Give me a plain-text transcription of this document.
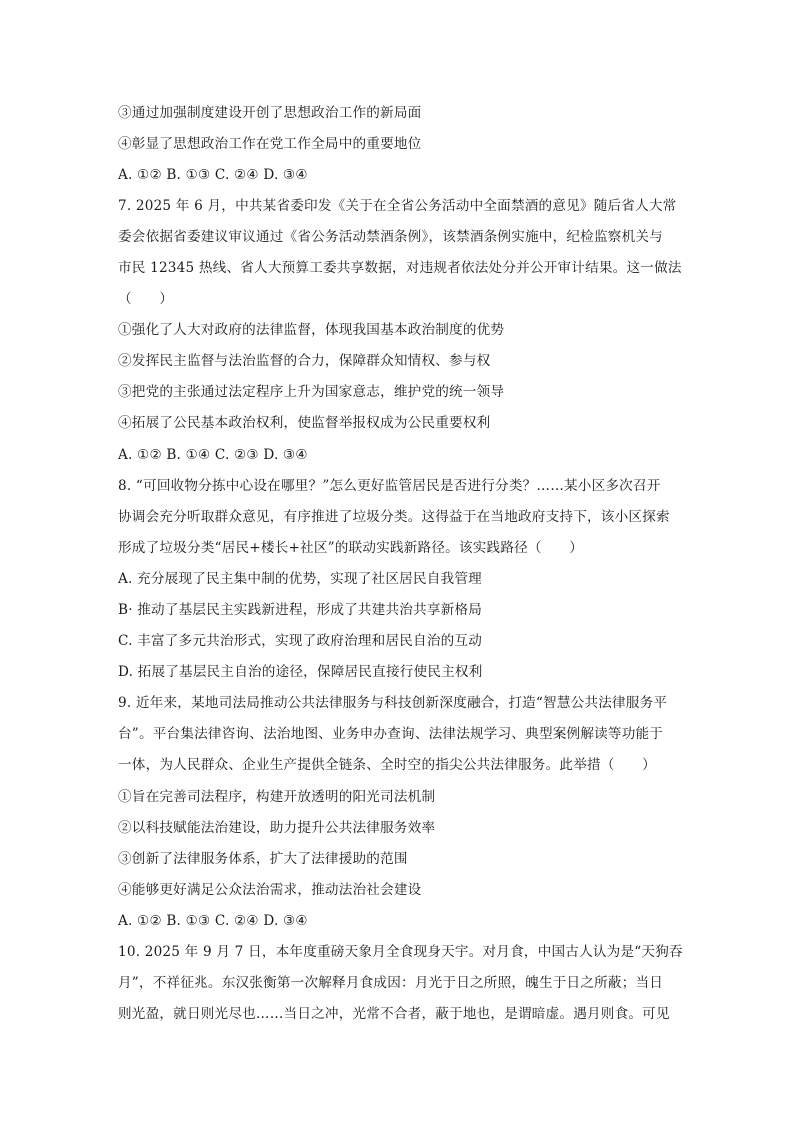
③通过加强制度建设开创了思想政治工作的新局面
④彰显了思想政治工作在党工作全局中的重要地位
A. ①② B. ①③ C. ②④ D. ③④
7. 2025 年 6 月，中共某省委印发《关于在全省公务活动中全面禁酒的意见》随后省人大常
委会依据省委建议审议通过《省公务活动禁酒条例》，该禁酒条例实施中，纪检监察机关与
市民 12345 热线、省人大预算工委共享数据，对违规者依法处分并公开审计结果。这一做法
（　　）
①强化了人大对政府的法律监督，体现我国基本政治制度的优势
②发挥民主监督与法治监督的合力，保障群众知情权、参与权
③把党的主张通过法定程序上升为国家意志，维护党的统一领导
④拓展了公民基本政治权利，使监督举报权成为公民重要权利
A. ①② B. ①④ C. ②③ D. ③④
8. “可回收物分拣中心设在哪里？”怎么更好监管居民是否进行分类？……某小区多次召开
协调会充分听取群众意见，有序推进了垃圾分类。这得益于在当地政府支持下，该小区探索
形成了垃圾分类“居民+楼长+社区”的联动实践新路径。该实践路径（　　）
A. 充分展现了民主集中制的优势，实现了社区居民自我管理
B· 推动了基层民主实践新进程，形成了共建共治共享新格局
C. 丰富了多元共治形式，实现了政府治理和居民自治的互动
D. 拓展了基层民主自治的途径，保障居民直接行使民主权利
9. 近年来，某地司法局推动公共法律服务与科技创新深度融合，打造“智慧公共法律服务平
台”。平台集法律咨询、法治地图、业务申办查询、法律法规学习、典型案例解读等功能于
一体，为人民群众、企业生产提供全链条、全时空的指尖公共法律服务。此举措（　　）
①旨在完善司法程序，构建开放透明的阳光司法机制
②以科技赋能法治建设，助力提升公共法律服务效率
③创新了法律服务体系，扩大了法律援助的范围
④能够更好满足公众法治需求，推动法治社会建设
A. ①② B. ①③ C. ②④ D. ③④
10. 2025 年 9 月 7 日，本年度重磅天象月全食现身天宇。对月食，中国古人认为是“天狗吞
月”，不祥征兆。东汉张衡第一次解释月食成因：月光于日之所照，魄生于日之所蔽；当日
则光盈，就日则光尽也……当日之冲，光常不合者，蔽于地也，是谓暗虚。遇月则食。可见
